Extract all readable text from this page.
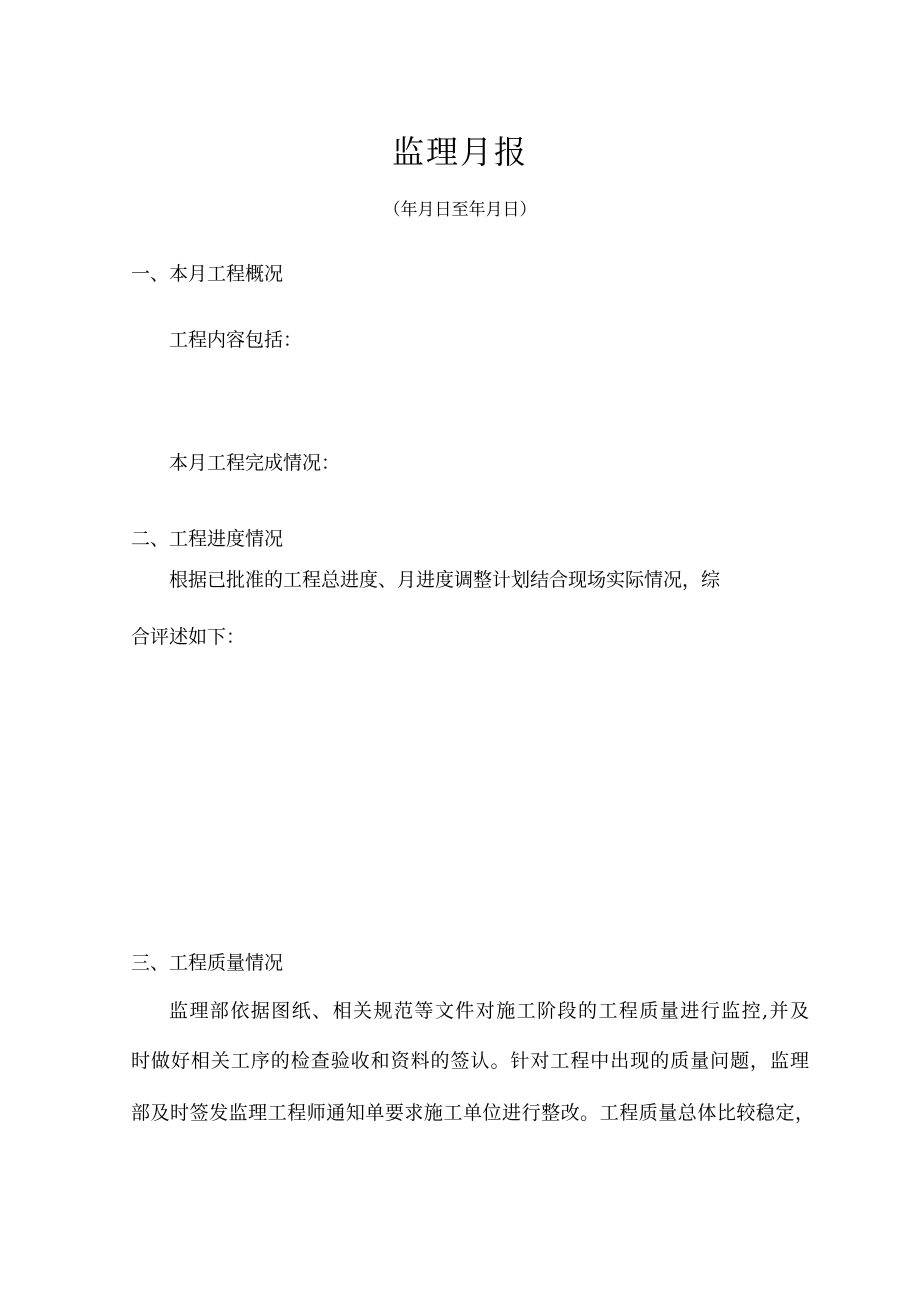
监理月报
（年月日至年月日）
一、本月工程概况
工程内容包括：
本月工程完成情况：
二、工程进度情况
根据已批准的工程总进度、月进度调整计划结合现场实际情况，综
合评述如下：
三、工程质量情况
监理部依据图纸、相关规范等文件对施工阶段的工程质量进行监控,并及
时做好相关工序的检查验收和资料的签认。针对工程中出现的质量问题，监理
部及时签发监理工程师通知单要求施工单位进行整改。工程质量总体比较稳定，
